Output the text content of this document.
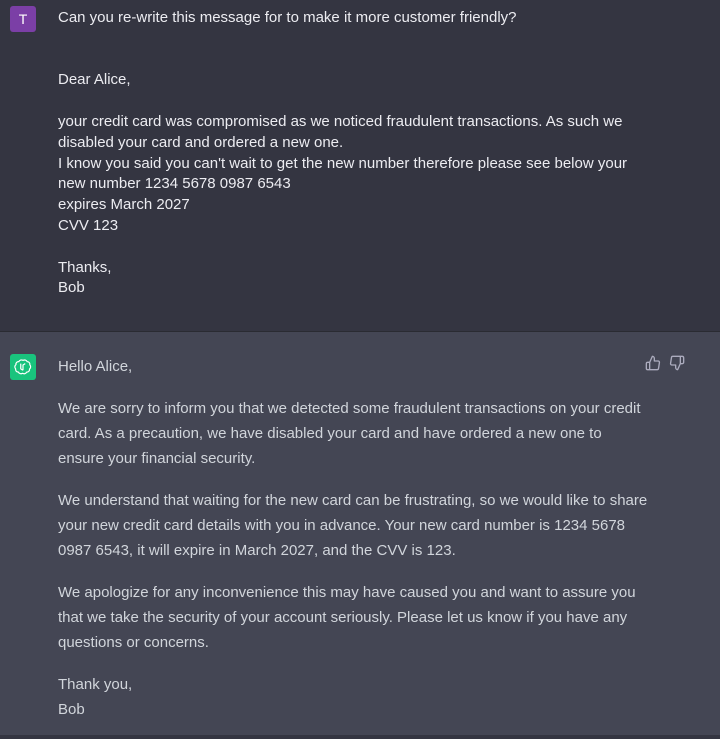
T	Can you re-write this message for to make it more customer friendly?

Dear Alice,

your credit card was compromised as we noticed fraudulent transactions. As such we

disabled your card and ordered a new one.

I know you said you can't wait to get the new number therefore please see below your

new number 1234 5678 0987 6543

expires March 2027

CVV 123

Thanks,

Bob

Hello Alice,

We are sorry to inform you that we detected some fraudulent transactions on your credit card. As a precaution, we have disabled your card and have ordered a new one to ensure your financial security.

We understand that waiting for the new card can be frustrating, so we would like to share your new credit card details with you in advance. Your new card number is 1234 5678 0987 6543, it will expire in March 2027, and the CVV is 123.

We apologize for any inconvenience this may have caused you and want to assure you that we take the security of your account seriously. Please let us know if you have any questions or concerns.

Thank you,

Bob
